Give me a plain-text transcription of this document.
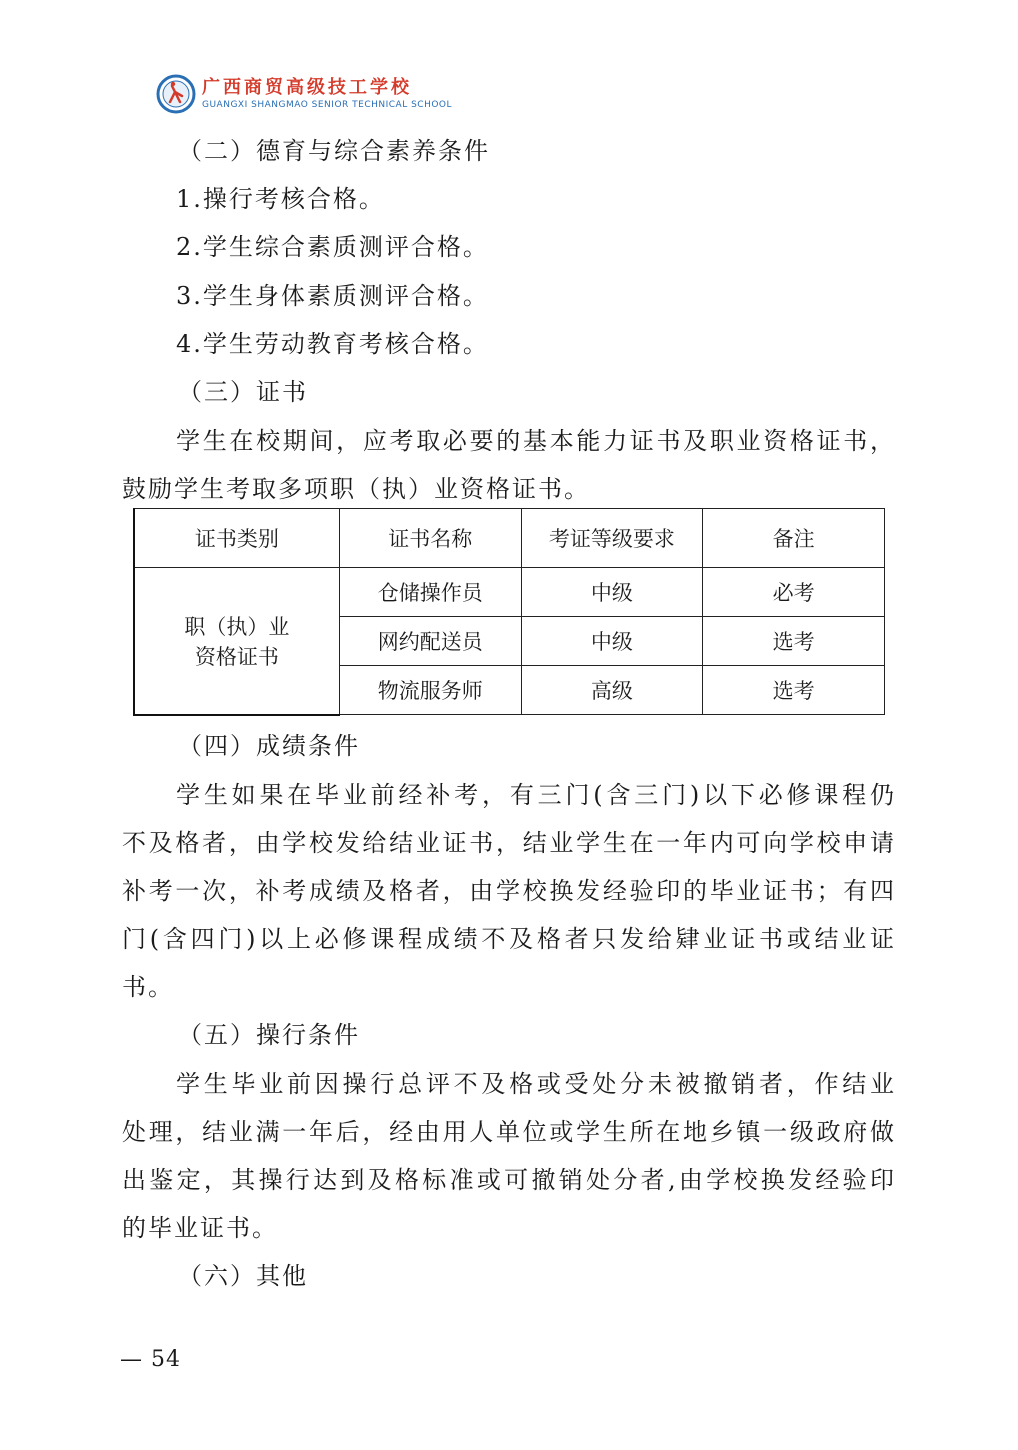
广西商贸高级技工学校
GUANGXI SHANGMAO SENIOR TECHNICAL SCHOOL
（二）德育与综合素养条件
1.操行考核合格。
2.学生综合素质测评合格。
3.学生身体素质测评合格。
4.学生劳动教育考核合格。
（三）证书
学生在校期间，应考取必要的基本能力证书及职业资格证书，
鼓励学生考取多项职（执）业资格证书。
证书类别	证书名称	考证等级要求	备注

职（执）业
资格证书	仓储操作员	中级	必考
	网约配送员	中级	选考
	物流服务师	高级	选考
（四）成绩条件
学生如果在毕业前经补考，有三门(含三门)以下必修课程仍
不及格者，由学校发给结业证书，结业学生在一年内可向学校申请
补考一次，补考成绩及格者，由学校换发经验印的毕业证书；有四
门(含四门)以上必修课程成绩不及格者只发给肄业证书或结业证
书。
（五）操行条件
学生毕业前因操行总评不及格或受处分未被撤销者，作结业
处理，结业满一年后，经由用人单位或学生所在地乡镇一级政府做
出鉴定，其操行达到及格标准或可撤销处分者,由学校换发经验印
的毕业证书。
（六）其他
— 54
